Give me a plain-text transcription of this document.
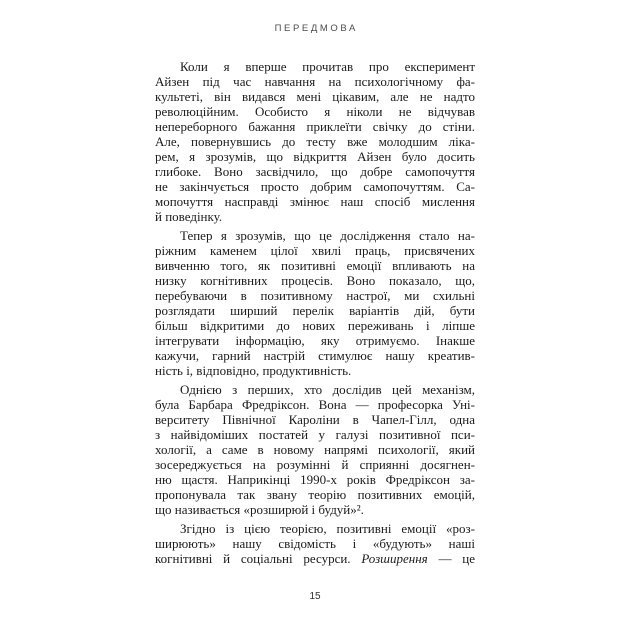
ПЕРЕДМОВА
Коли я вперше прочитав про експеримент
Айзен під час навчання на психологічному фа-
культеті, він видався мені цікавим, але не надто
революційним. Особисто я ніколи не відчував
непереборного бажання приклеїти свічку до стіни.
Але, повернувшись до тесту вже молодшим ліка-
рем, я зрозумів, що відкриття Айзен було досить
глибоке. Воно засвідчило, що добре самопочуття
не закінчується просто добрим самопочуттям. Са-
мопочуття насправді змінює наш спосіб мислення
й поведінку.
Тепер я зрозумів, що це дослідження стало на-
ріжним каменем цілої хвилі праць, присвячених
вивченню того, як позитивні емоції впливають на
низку когнітивних процесів. Воно показало, що,
перебуваючи в позитивному настрої, ми схильні
розглядати ширший перелік варіантів дій, бути
більш відкритими до нових переживань і ліпше
інтегрувати інформацію, яку отримуємо. Інакше
кажучи, гарний настрій стимулює нашу креатив-
ність і, відповідно, продуктивність.
Однією з перших, хто дослідив цей механізм,
була Барбара Фредріксон. Вона — професорка Уні-
верситету Північної Кароліни в Чапел-Гілл, одна
з найвідоміших постатей у галузі позитивної пси-
хології, а саме в новому напрямі психології, який
зосереджується на розумінні й сприянні досягнен-
ню щастя. Наприкінці 1990-х років Фредріксон за-
пропонувала так звану теорію позитивних емоцій,
що називається «розширюй і будуй»².
Згідно із цією теорією, позитивні емоції «роз-
ширюють» нашу свідомість і «будують» наші
когнітивні й соціальні ресурси. Розширення — це
15
